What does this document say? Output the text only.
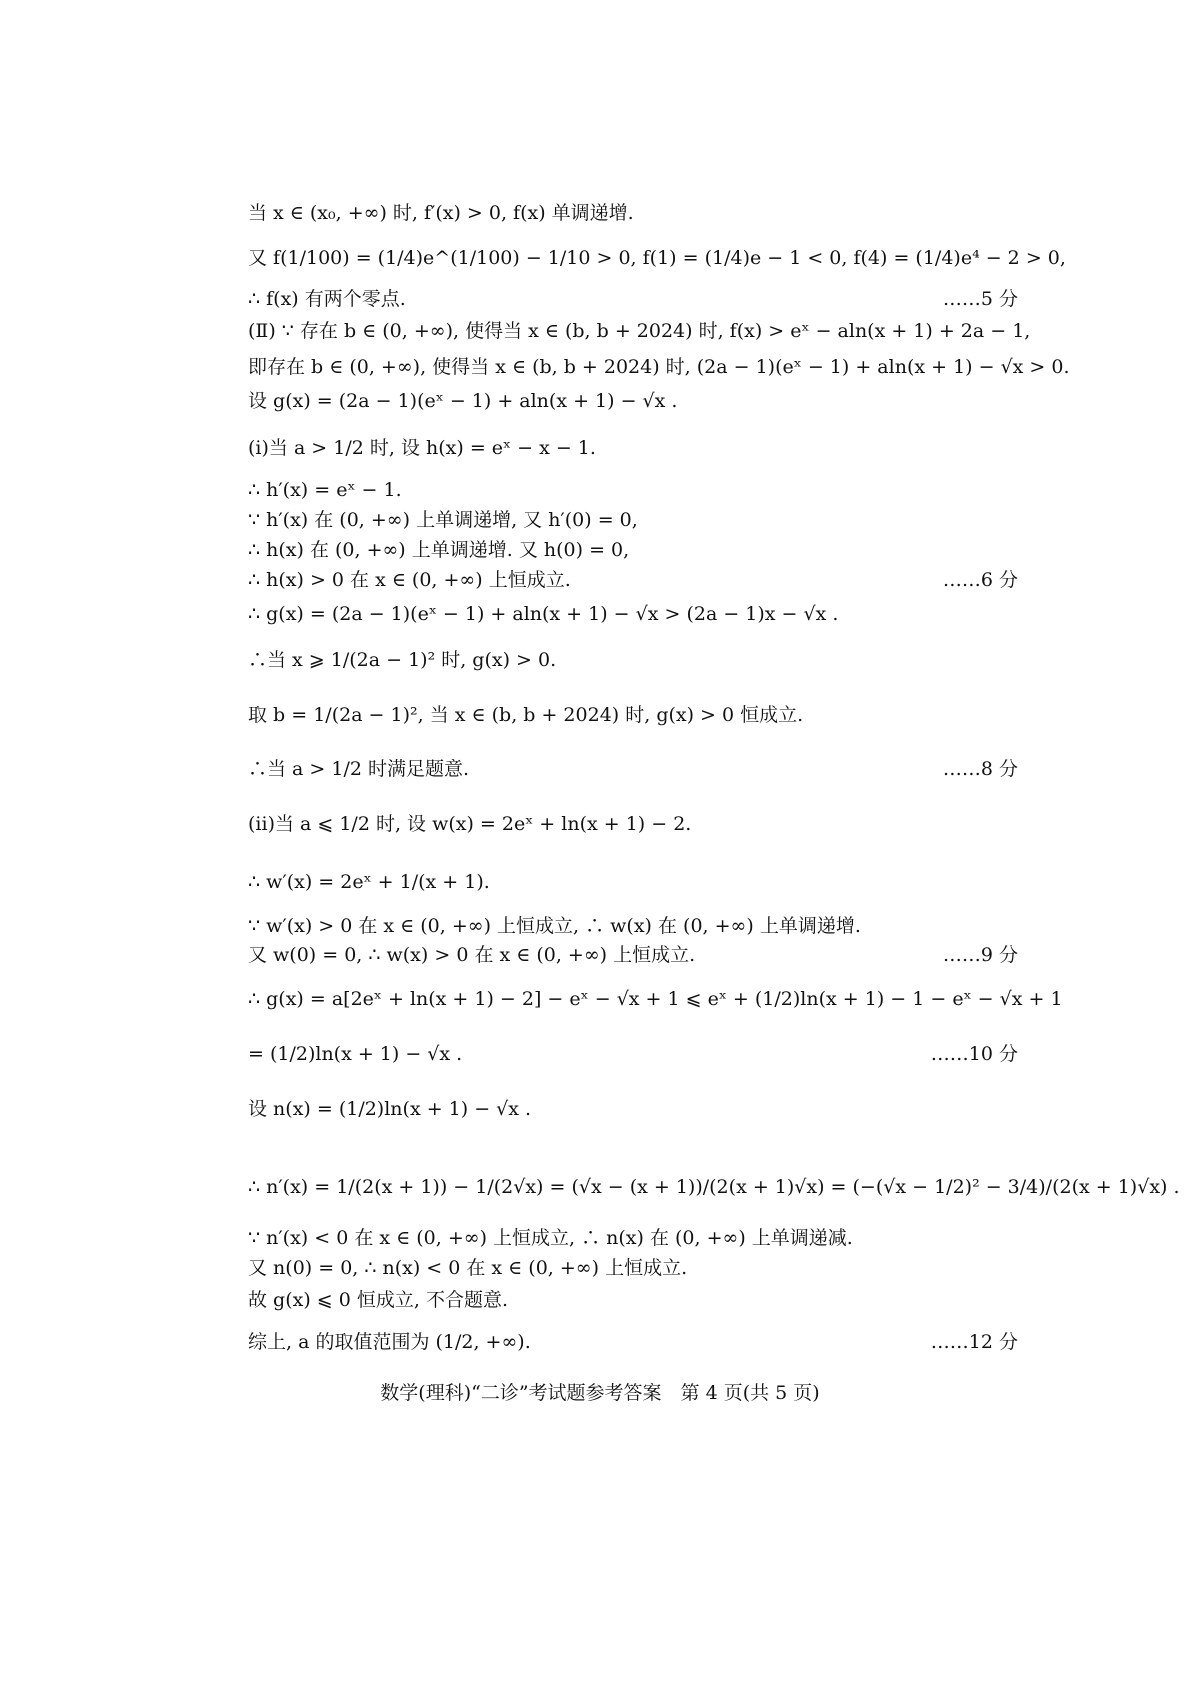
当 x ∈ (x₀, +∞) 时, f′(x) > 0, f(x) 单调递增.
又 f(1/100) = (1/4)e^(1/100) − 1/10 > 0, f(1) = (1/4)e − 1 < 0, f(4) = (1/4)e⁴ − 2 > 0,
∴ f(x) 有两个零点.	……5 分
(Ⅱ) ∵ 存在 b ∈ (0, +∞), 使得当 x ∈ (b, b + 2024) 时, f(x) > eˣ − aln(x + 1) + 2a − 1,
即存在 b ∈ (0, +∞), 使得当 x ∈ (b, b + 2024) 时, (2a − 1)(eˣ − 1) + aln(x + 1) − √x > 0.
设 g(x) = (2a − 1)(eˣ − 1) + aln(x + 1) − √x .
(i)当 a > 1/2 时, 设 h(x) = eˣ − x − 1.
∴ h′(x) = eˣ − 1.
∵ h′(x) 在 (0, +∞) 上单调递增, 又 h′(0) = 0,
∴ h(x) 在 (0, +∞) 上单调递增. 又 h(0) = 0,
∴ h(x) > 0 在 x ∈ (0, +∞) 上恒成立.	……6 分
∴ g(x) = (2a − 1)(eˣ − 1) + aln(x + 1) − √x > (2a − 1)x − √x .
∴当 x ⩾ 1/(2a − 1)² 时, g(x) > 0.
取 b = 1/(2a − 1)², 当 x ∈ (b, b + 2024) 时, g(x) > 0 恒成立.
∴当 a > 1/2 时满足题意.	……8 分
(ii)当 a ⩽ 1/2 时, 设 w(x) = 2eˣ + ln(x + 1) − 2.
∴ w′(x) = 2eˣ + 1/(x + 1).
∵ w′(x) > 0 在 x ∈ (0, +∞) 上恒成立, ∴ w(x) 在 (0, +∞) 上单调递增.
又 w(0) = 0, ∴ w(x) > 0 在 x ∈ (0, +∞) 上恒成立.	……9 分
∴ g(x) = a[2eˣ + ln(x + 1) − 2] − eˣ − √x + 1 ⩽ eˣ + (1/2)ln(x + 1) − 1 − eˣ − √x + 1
= (1/2)ln(x + 1) − √x .	……10 分
设 n(x) = (1/2)ln(x + 1) − √x .
∴ n′(x) = 1/(2(x + 1)) − 1/(2√x) = (√x − (x + 1))/(2(x + 1)√x) = (−(√x − 1/2)² − 3/4)/(2(x + 1)√x) .
∵ n′(x) < 0 在 x ∈ (0, +∞) 上恒成立, ∴ n(x) 在 (0, +∞) 上单调递减.
又 n(0) = 0, ∴ n(x) < 0 在 x ∈ (0, +∞) 上恒成立.
故 g(x) ⩽ 0 恒成立, 不合题意.
综上, a 的取值范围为 (1/2, +∞).	……12 分
数学(理科)“二诊”考试题参考答案　第 4 页(共 5 页)
